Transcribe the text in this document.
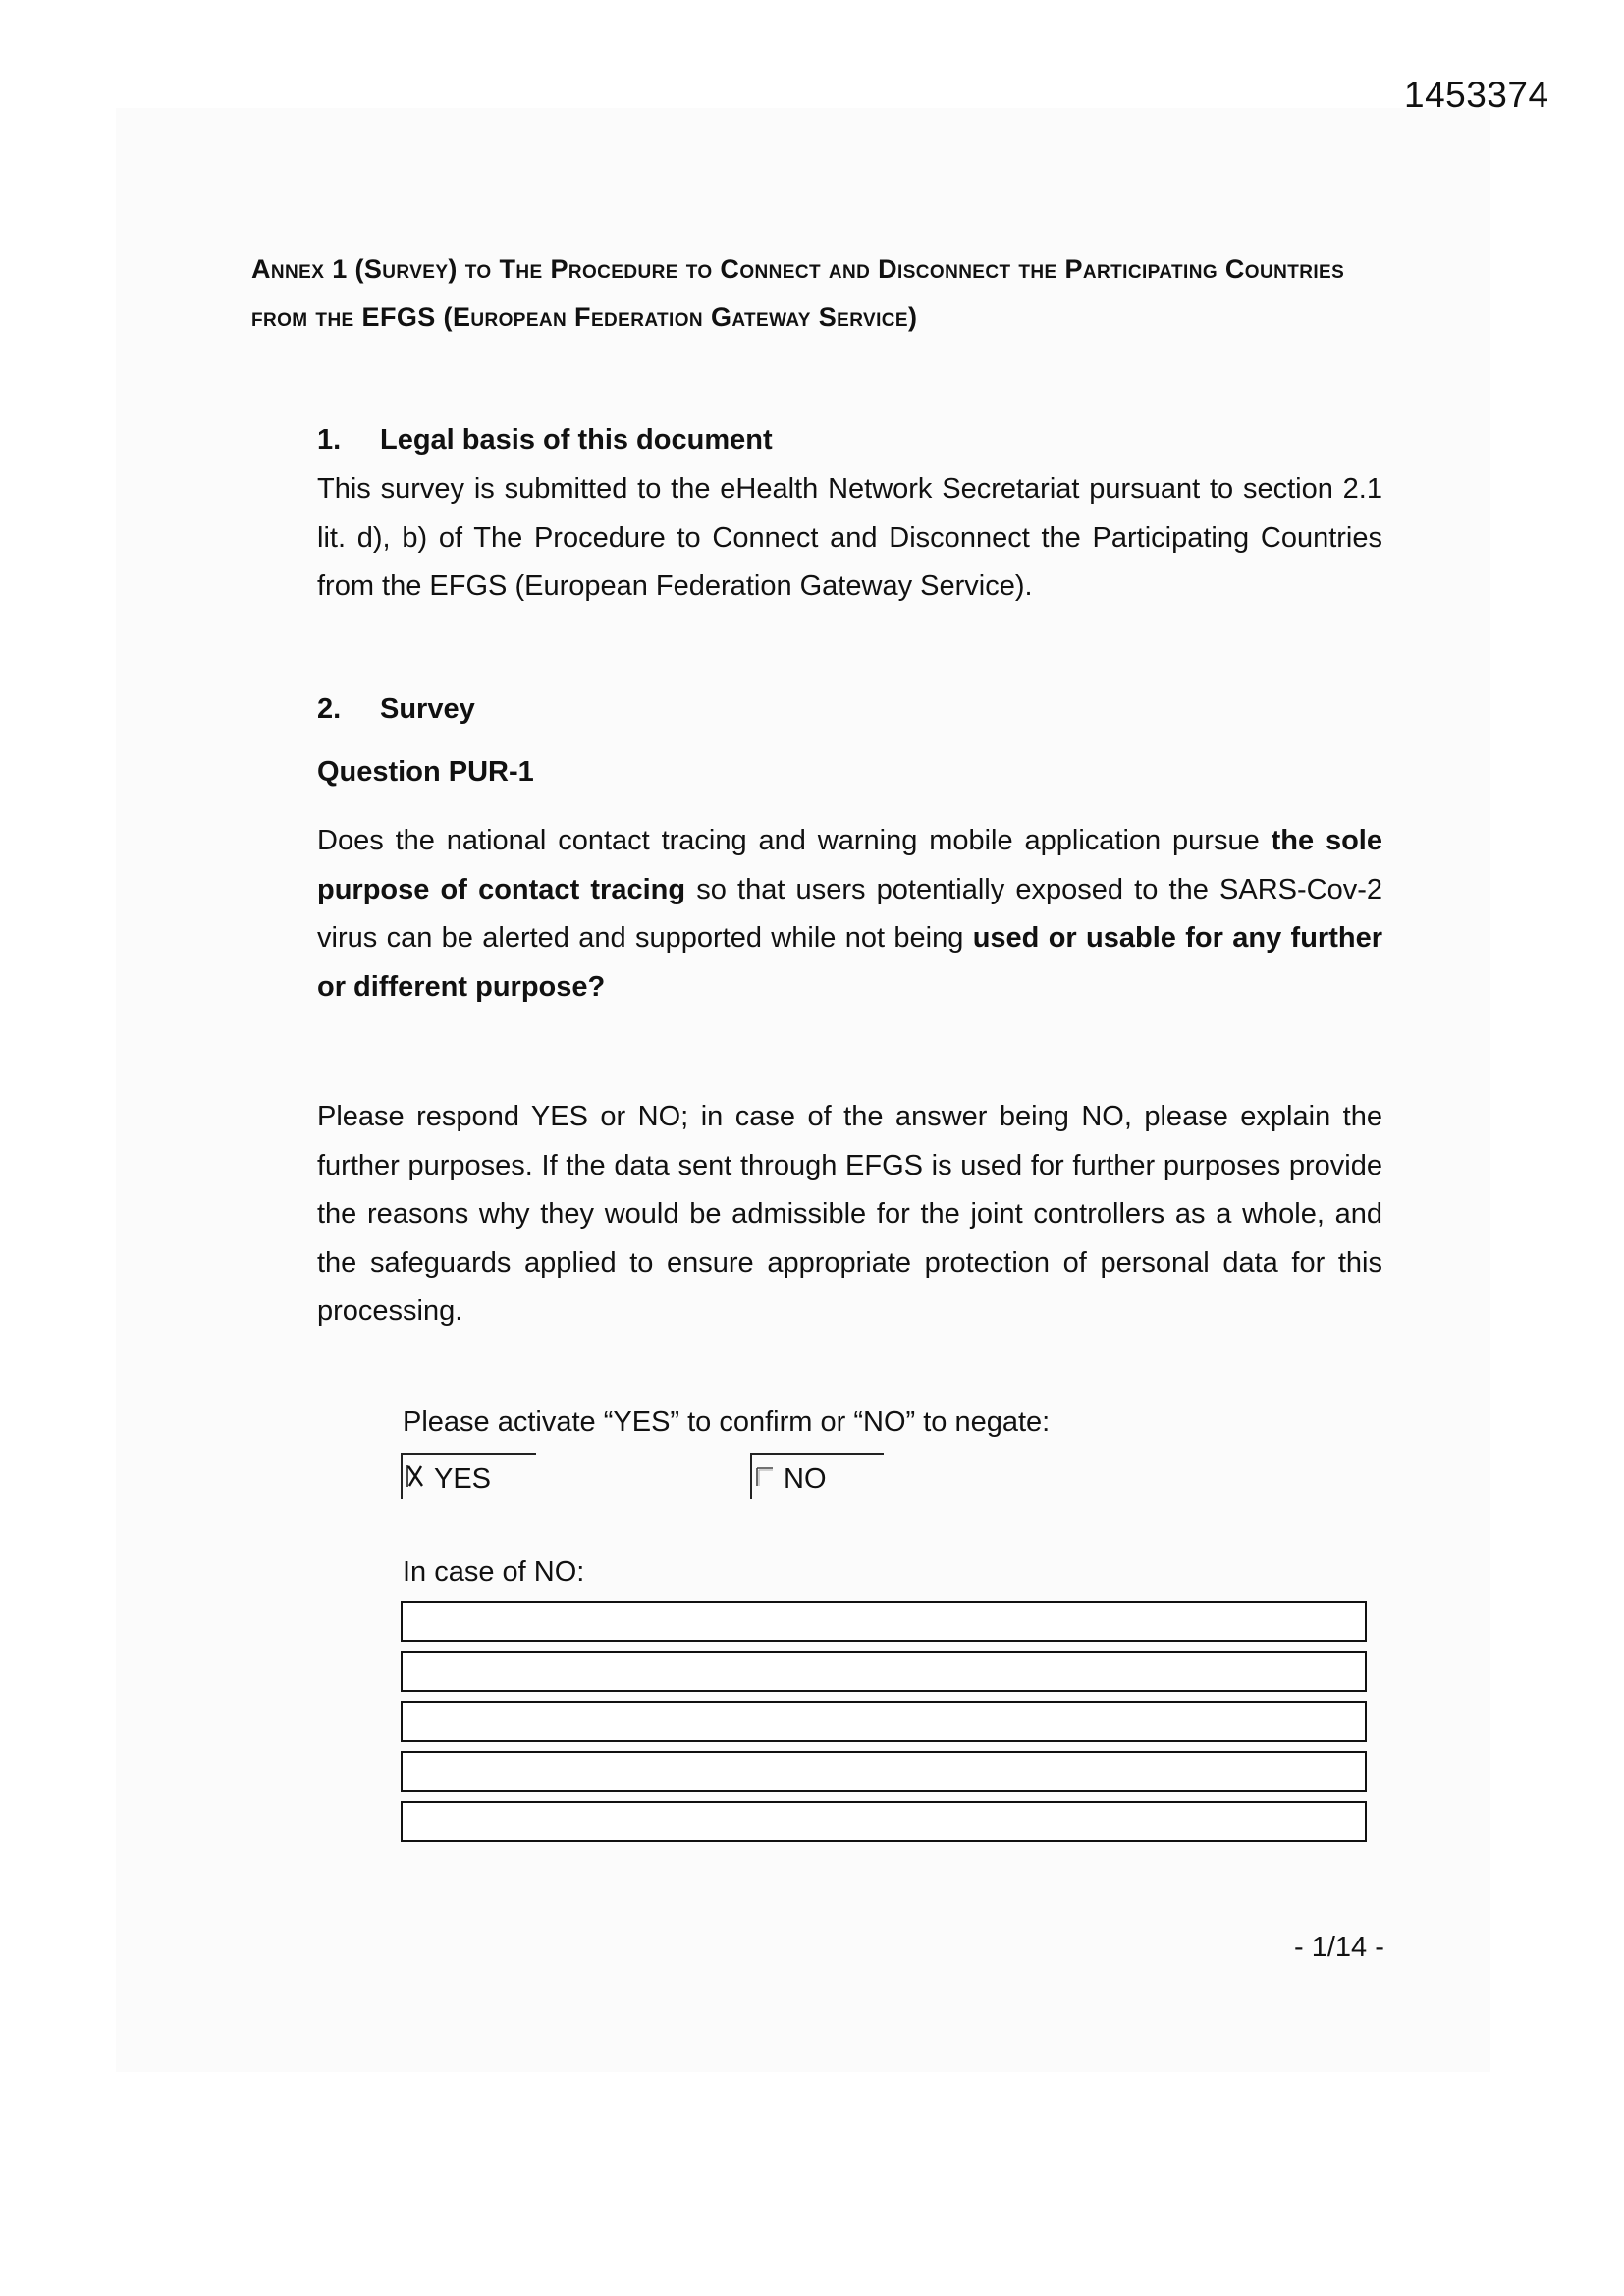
1453374
Annex 1 (Survey) to The Procedure to Connect and Disconnect the Participating Countries from the EFGS (European Federation Gateway Service)
1. Legal basis of this document
This survey is submitted to the eHealth Network Secretariat pursuant to section 2.1 lit. d), b) of The Procedure to Connect and Disconnect the Participating Countries from the EFGS (European Federation Gateway Service).
2. Survey
Question PUR-1
Does the national contact tracing and warning mobile application pursue the sole purpose of contact tracing so that users potentially exposed to the SARS-Cov-2 virus can be alerted and supported while not being used or usable for any further or different purpose?
Please respond YES or NO; in case of the answer being NO, please explain the further purposes. If the data sent through EFGS is used for further purposes provide the reasons why they would be admissible for the joint controllers as a whole, and the safeguards applied to ensure appropriate protection of personal data for this processing.
Please activate “YES” to confirm or “NO” to negate:
YES	NO
In case of NO:
- 1/14 -
